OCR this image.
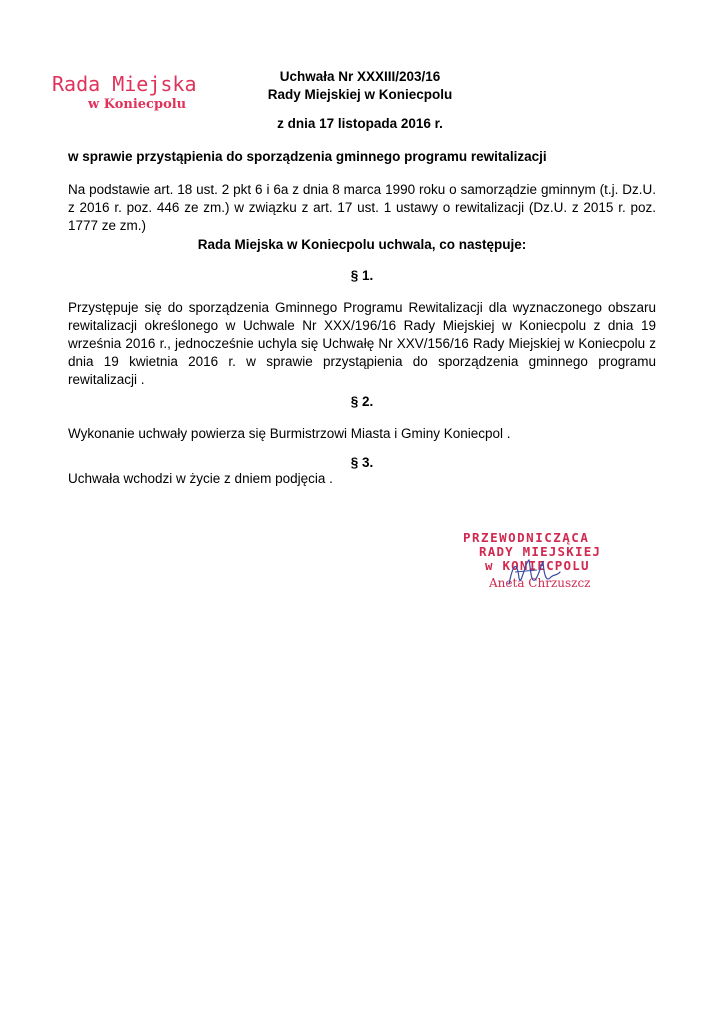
Rada Miejska
w Koniecpolu
Uchwała Nr XXXIII/203/16
Rady Miejskiej w Koniecpolu
z dnia 17 listopada 2016 r.
w sprawie przystąpienia do sporządzenia gminnego programu rewitalizacji
Na podstawie art. 18 ust. 2 pkt 6 i 6a z dnia 8 marca 1990 roku o samorządzie gminnym (t.j. Dz.U. z 2016 r. poz. 446 ze zm.) w związku z art. 17 ust. 1 ustawy o rewitalizacji (Dz.U. z 2015 r. poz. 1777 ze zm.)
Rada Miejska w Koniecpolu uchwala, co następuje:
§ 1.
Przystępuje się do sporządzenia Gminnego Programu Rewitalizacji dla wyznaczonego obszaru rewitalizacji określonego w Uchwale Nr XXX/196/16 Rady Miejskiej w Koniecpolu z dnia 19 września 2016 r., jednocześnie uchyla się Uchwałę Nr XXV/156/16 Rady Miejskiej w Koniecpolu z dnia 19 kwietnia 2016 r. w sprawie przystąpienia do sporządzenia gminnego programu rewitalizacji .
§ 2.
Wykonanie uchwały powierza się Burmistrzowi Miasta i Gminy Koniecpol .
§ 3.
Uchwała wchodzi w życie z dniem podjęcia .
PRZEWODNICZĄCA
RADY MIEJSKIEJ
w KONIECPOLU
Aneta Chrzuszcz
